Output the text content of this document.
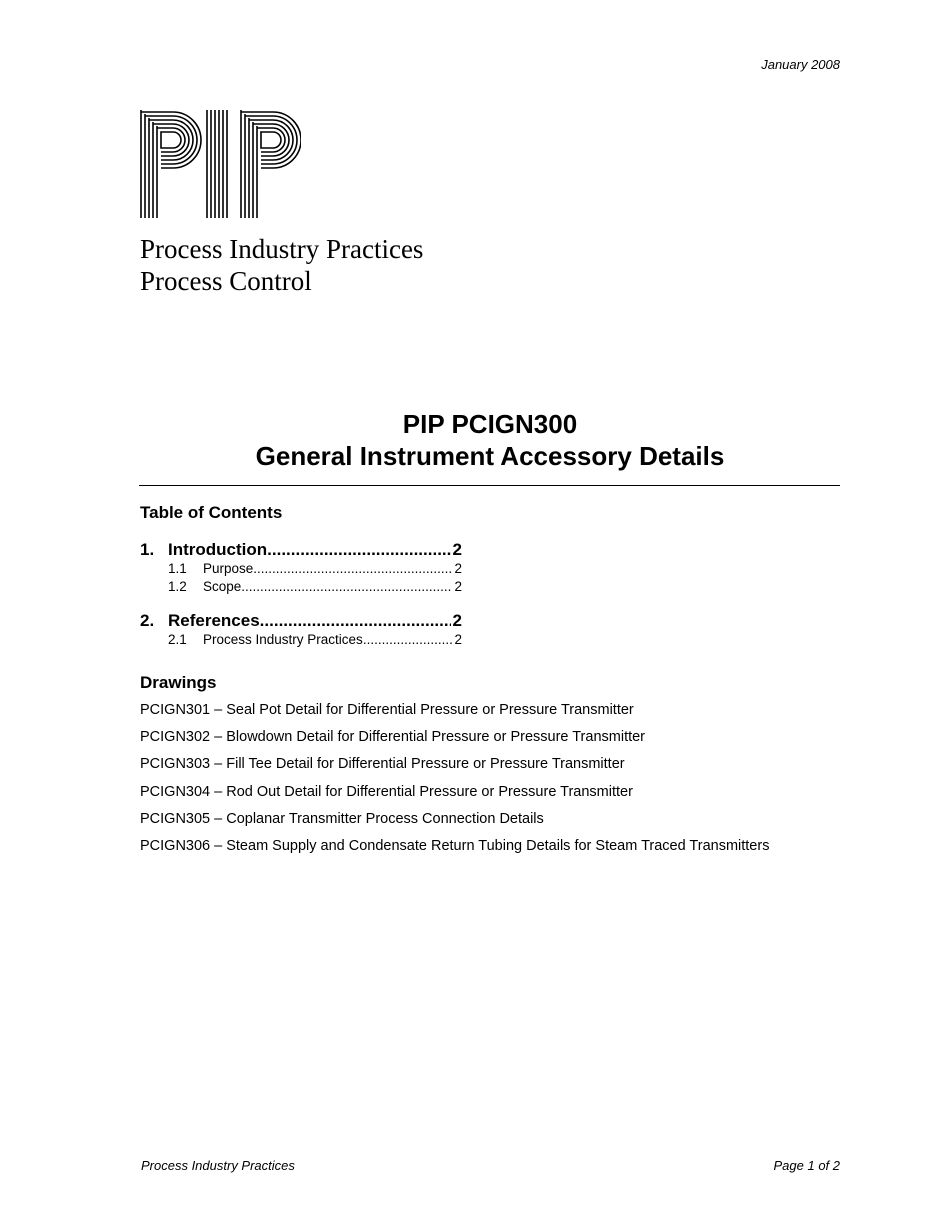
January 2008
Process Industry Practices
Process Control
PIP PCIGN300
General Instrument Accessory Details
Table of Contents
1. Introduction .....	2
1.1	Purpose .....	2
1.2	Scope .....	2
2. References .....	2
2.1	Process Industry Practices .....	2
Drawings
PCIGN301 – Seal Pot Detail for Differential Pressure or Pressure Transmitter
PCIGN302 – Blowdown Detail for Differential Pressure or Pressure Transmitter
PCIGN303 – Fill Tee Detail for Differential Pressure or Pressure Transmitter
PCIGN304 – Rod Out Detail for Differential Pressure or Pressure Transmitter
PCIGN305 – Coplanar Transmitter Process Connection Details
PCIGN306 – Steam Supply and Condensate Return Tubing Details for Steam Traced Transmitters
Process Industry Practices	Page 1 of 2
